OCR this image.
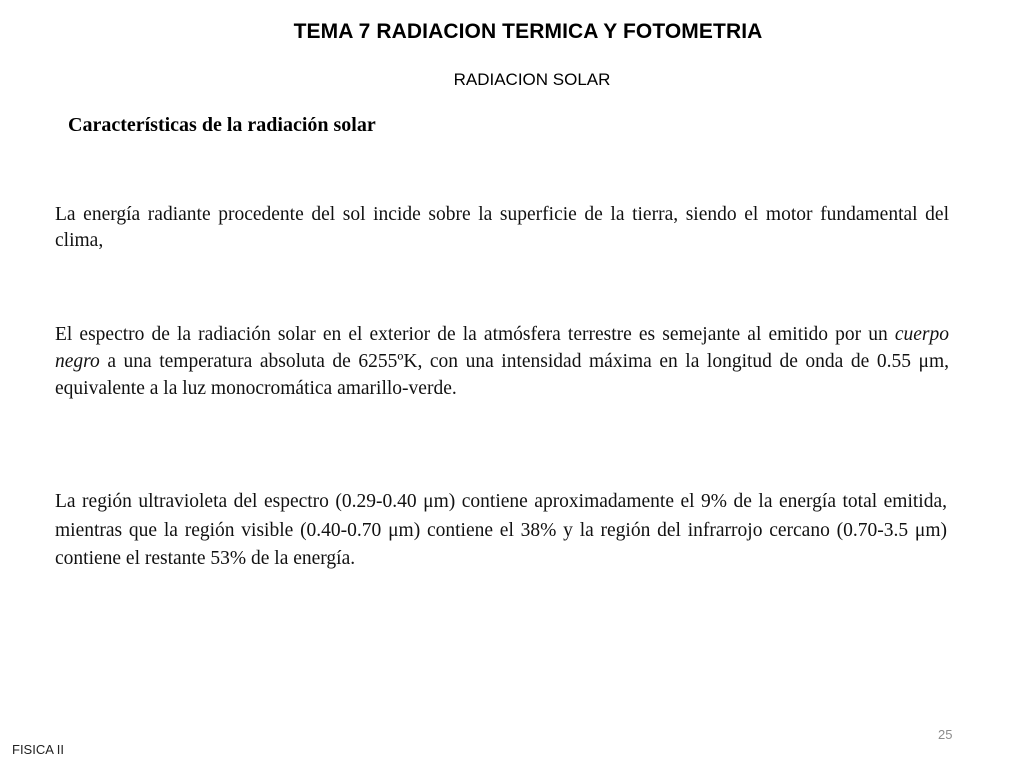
TEMA 7 RADIACION TERMICA Y FOTOMETRIA
RADIACION SOLAR
Características de la radiación solar
La energía radiante procedente del sol incide sobre la superficie de la tierra, siendo el motor fundamental del clima,
El espectro de la radiación solar en el exterior de la atmósfera terrestre es semejante al emitido por un cuerpo negro a una temperatura absoluta de 6255ºK, con una intensidad máxima en la longitud de onda de 0.55 μm, equivalente a la luz monocromática amarillo-verde.
La región ultravioleta del espectro (0.29-0.40 μm) contiene aproximadamente el 9% de la energía total emitida, mientras que la región visible (0.40-0.70 μm) contiene el 38% y la región del infrarrojo cercano (0.70-3.5 μm) contiene el restante 53% de la energía.
25
FISICA II
